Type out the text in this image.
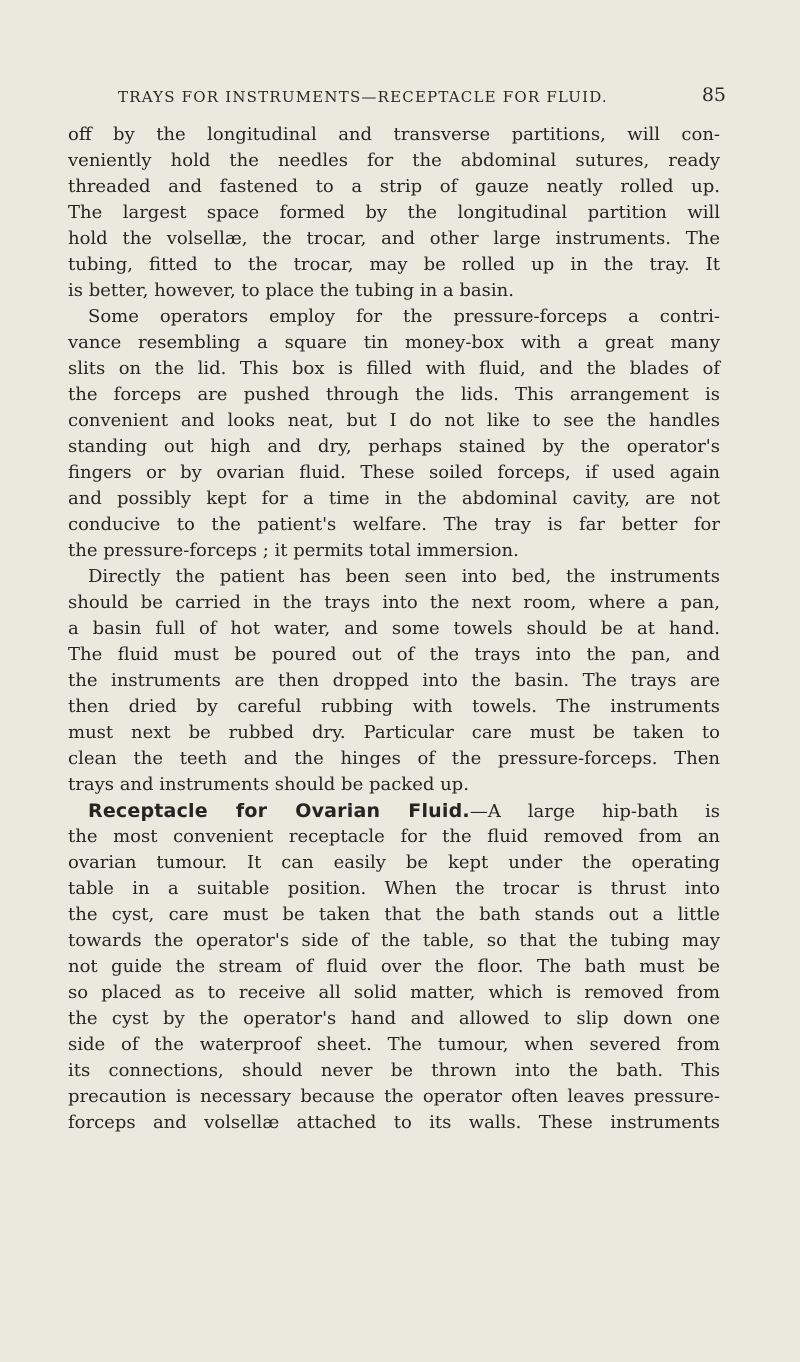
TRAYS FOR INSTRUMENTS—RECEPTACLE FOR FLUID.	85
off by the longitudinal and transverse partitions, will con-
veniently hold the needles for the abdominal sutures, ready
threaded and fastened to a strip of gauze neatly rolled up.
The largest space formed by the longitudinal partition will
hold the volsellæ, the trocar, and other large instruments. The
tubing, fitted to the trocar, may be rolled up in the tray. It
is better, however, to place the tubing in a basin.
Some operators employ for the pressure-forceps a contri-
vance resembling a square tin money-box with a great many
slits on the lid. This box is filled with fluid, and the blades of
the forceps are pushed through the lids. This arrangement is
convenient and looks neat, but I do not like to see the handles
standing out high and dry, perhaps stained by the operator's
fingers or by ovarian fluid. These soiled forceps, if used again
and possibly kept for a time in the abdominal cavity, are not
conducive to the patient's welfare. The tray is far better for
the pressure-forceps ; it permits total immersion.
Directly the patient has been seen into bed, the instruments
should be carried in the trays into the next room, where a pan,
a basin full of hot water, and some towels should be at hand.
The fluid must be poured out of the trays into the pan, and
the instruments are then dropped into the basin. The trays are
then dried by careful rubbing with towels. The instruments
must next be rubbed dry. Particular care must be taken to
clean the teeth and the hinges of the pressure-forceps. Then
trays and instruments should be packed up.
Receptacle for Ovarian Fluid.—A large hip-bath is
the most convenient receptacle for the fluid removed from an
ovarian tumour. It can easily be kept under the operating
table in a suitable position. When the trocar is thrust into
the cyst, care must be taken that the bath stands out a little
towards the operator's side of the table, so that the tubing may
not guide the stream of fluid over the floor. The bath must be
so placed as to receive all solid matter, which is removed from
the cyst by the operator's hand and allowed to slip down one
side of the waterproof sheet. The tumour, when severed from
its connections, should never be thrown into the bath. This
precaution is necessary because the operator often leaves pressure-
forceps and volsellæ attached to its walls. These instruments
